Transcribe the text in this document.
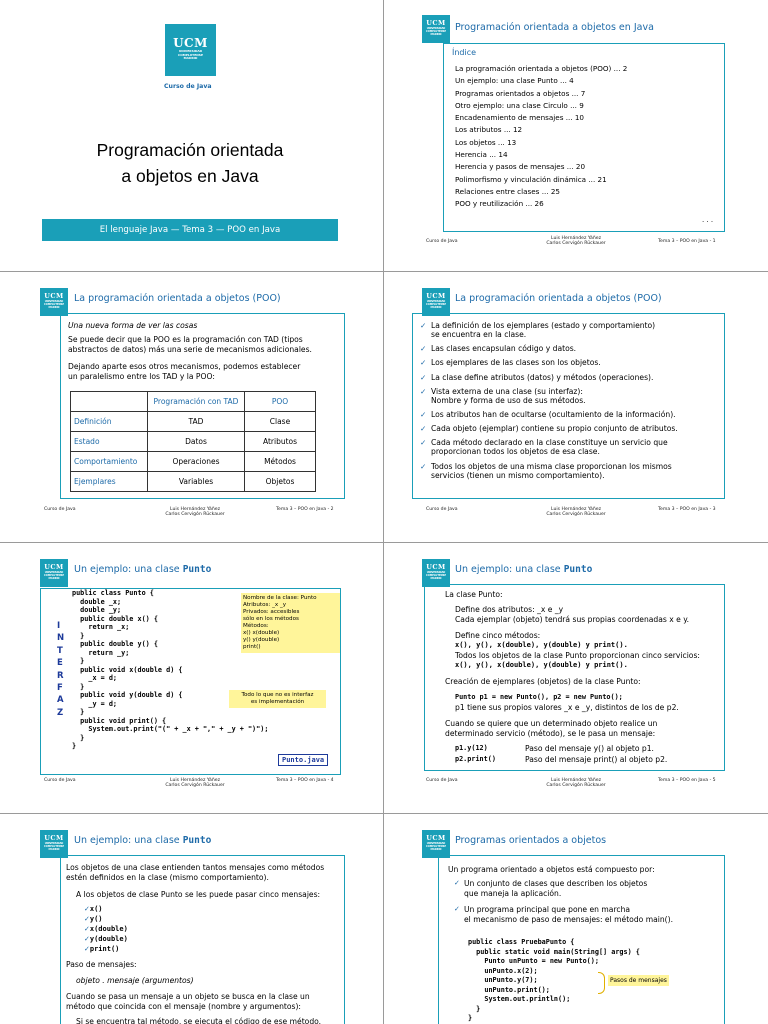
UCM
UNIVERSIDAD
COMPLUTENSE
MADRID
Curso de Java
Programación orientada
a objetos en Java
El lenguaje Java — Tema 3 — POO en Java
UCM
UNIVERSIDAD
COMPLUTENSE
MADRID
Programación orientada a objetos en Java
Índice
La programación orientada a objetos (POO) ... 2
Un ejemplo: una clase Punto ... 4
Programas orientados a objetos ... 7
Otro ejemplo: una clase Circulo ... 9
Encadenamiento de mensajes ... 10
Los atributos ... 12
Los objetos ... 13
Herencia ... 14
Herencia y pasos de mensajes ... 20
Polimorfismo y vinculación dinámica ... 21
Relaciones entre clases ... 25
POO y reutilización ... 26
. . .
Curso de Java
Luis Hernández Yáñez
Carlos Cervigón Rückauer	Tema 3 – POO en Java - 1
UCM
UNIVERSIDAD
COMPLUTENSE
MADRID
La programación orientada a objetos (POO)
Una nueva forma de ver las cosas
Se puede decir que la POO es la programación con TAD (tipos
abstractos de datos) más una serie de mecanismos adicionales.
Dejando aparte esos otros mecanismos, podemos establecer
un paralelismo entre los TAD y la POO:
Curso de Java	Luis Hernández Yáñez
Carlos Cervigón Rückauer
Tema 3 – POO en Java - 2
	Programación con TAD	POO
Definición	TAD	Clase
Estado	Datos	Atributos
Comportamiento	Operaciones	Métodos
Ejemplares	Variables	Objetos
UCM
UNIVERSIDAD
COMPLUTENSE
MADRID
La programación orientada a objetos (POO)
✓ La definición de los ejemplares (estado y comportamiento)
se encuentra en la clase.
✓ Las clases encapsulan código y datos.
✓ Los ejemplares de las clases son los objetos.
✓ La clase define atributos (datos) y métodos (operaciones).
✓ Vista externa de una clase (su interfaz):
Nombre y forma de uso de sus métodos.
✓ Los atributos han de ocultarse (ocultamiento de la información).
✓ Cada objeto (ejemplar) contiene su propio conjunto de atributos.
✓ Cada método declarado en la clase constituye un servicio que
proporcionan todos los objetos de esa clase.
✓ Todos los objetos de una misma clase proporcionan los mismos
servicios (tienen un mismo comportamiento).
Curso de Java	Luis Hernández Yáñez
Carlos Cervigón Rückauer
Tema 3 – POO en Java - 3
UCM
UNIVERSIDAD
COMPLUTENSE
MADRID
Un ejemplo: una clase Punto
I
N
T
E
R
F
A
Z
public class Punto {
double _x;
double _y;
public double x() {
return _x;
}
public double y() {
return _y;
}
public void x(double d) {
_x = d;
}
public void y(double d) {
_y = d;
}
public void print() {
System.out.print("(" + _x + "," + _y + ")");
}
}
Nombre de la clase: Punto
Atributos: _x _y
Privados: accesibles
sólo en los métodos
Métodos:
x() x(double)
y() y(double)
print()
Todo lo que no es interfaz
es implementación
Punto.java
Curso de Java	Luis Hernández Yáñez
Carlos Cervigón Rückauer
Tema 3 – POO en Java - 4
UCM
UNIVERSIDAD
COMPLUTENSE
MADRID
Un ejemplo: una clase Punto
La clase Punto:
Define dos atributos: _x e _y
Cada ejemplar (objeto) tendrá sus propias coordenadas x e y.
Define cinco métodos:
x(), y(), x(double), y(double) y print().
Todos los objetos de la clase Punto proporcionan cinco servicios:
x(), y(), x(double), y(double) y print().
Creación de ejemplares (objetos) de la clase Punto:
Punto p1 = new Punto(), p2 = new Punto();
p1 tiene sus propios valores _x e _y, distintos de los de p2.
Cuando se quiere que un determinado objeto realice un
determinado servicio (método), se le pasa un mensaje:
p1.y(12)	Paso del mensaje y() al objeto p1.
p2.print()	Paso del mensaje print() al objeto p2.
Curso de Java	Luis Hernández Yáñez
Carlos Cervigón Rückauer
Tema 3 – POO en Java - 5
UCM
UNIVERSIDAD
COMPLUTENSE
MADRID
Un ejemplo: una clase Punto
Los objetos de una clase entienden tantos mensajes como métodos
estén definidos en la clase (mismo comportamiento).
A los objetos de clase Punto se les puede pasar cinco mensajes:
✓x()
✓y()
✓x(double)
✓y(double)
✓print()
Paso de mensajes:
objeto . mensaje (argumentos)
Cuando se pasa un mensaje a un objeto se busca en la clase un
método que coincida con el mensaje (nombre y argumentos):
Si se encuentra tal método, se ejecuta el código de ese método.
UCM
UNIVERSIDAD
COMPLUTENSE
MADRID
Programas orientados a objetos
Un programa orientado a objetos está compuesto por:
✓ Un conjunto de clases que describen los objetos
que maneja la aplicación.
✓ Un programa principal que pone en marcha
el mecanismo de paso de mensajes: el método main().
public class PruebaPunto {
public static void main(String[] args) {
Punto unPunto = new Punto();
unPunto.x(2);
unPunto.y(7);
unPunto.print();
System.out.println();
}
}
Pasos de mensajes
